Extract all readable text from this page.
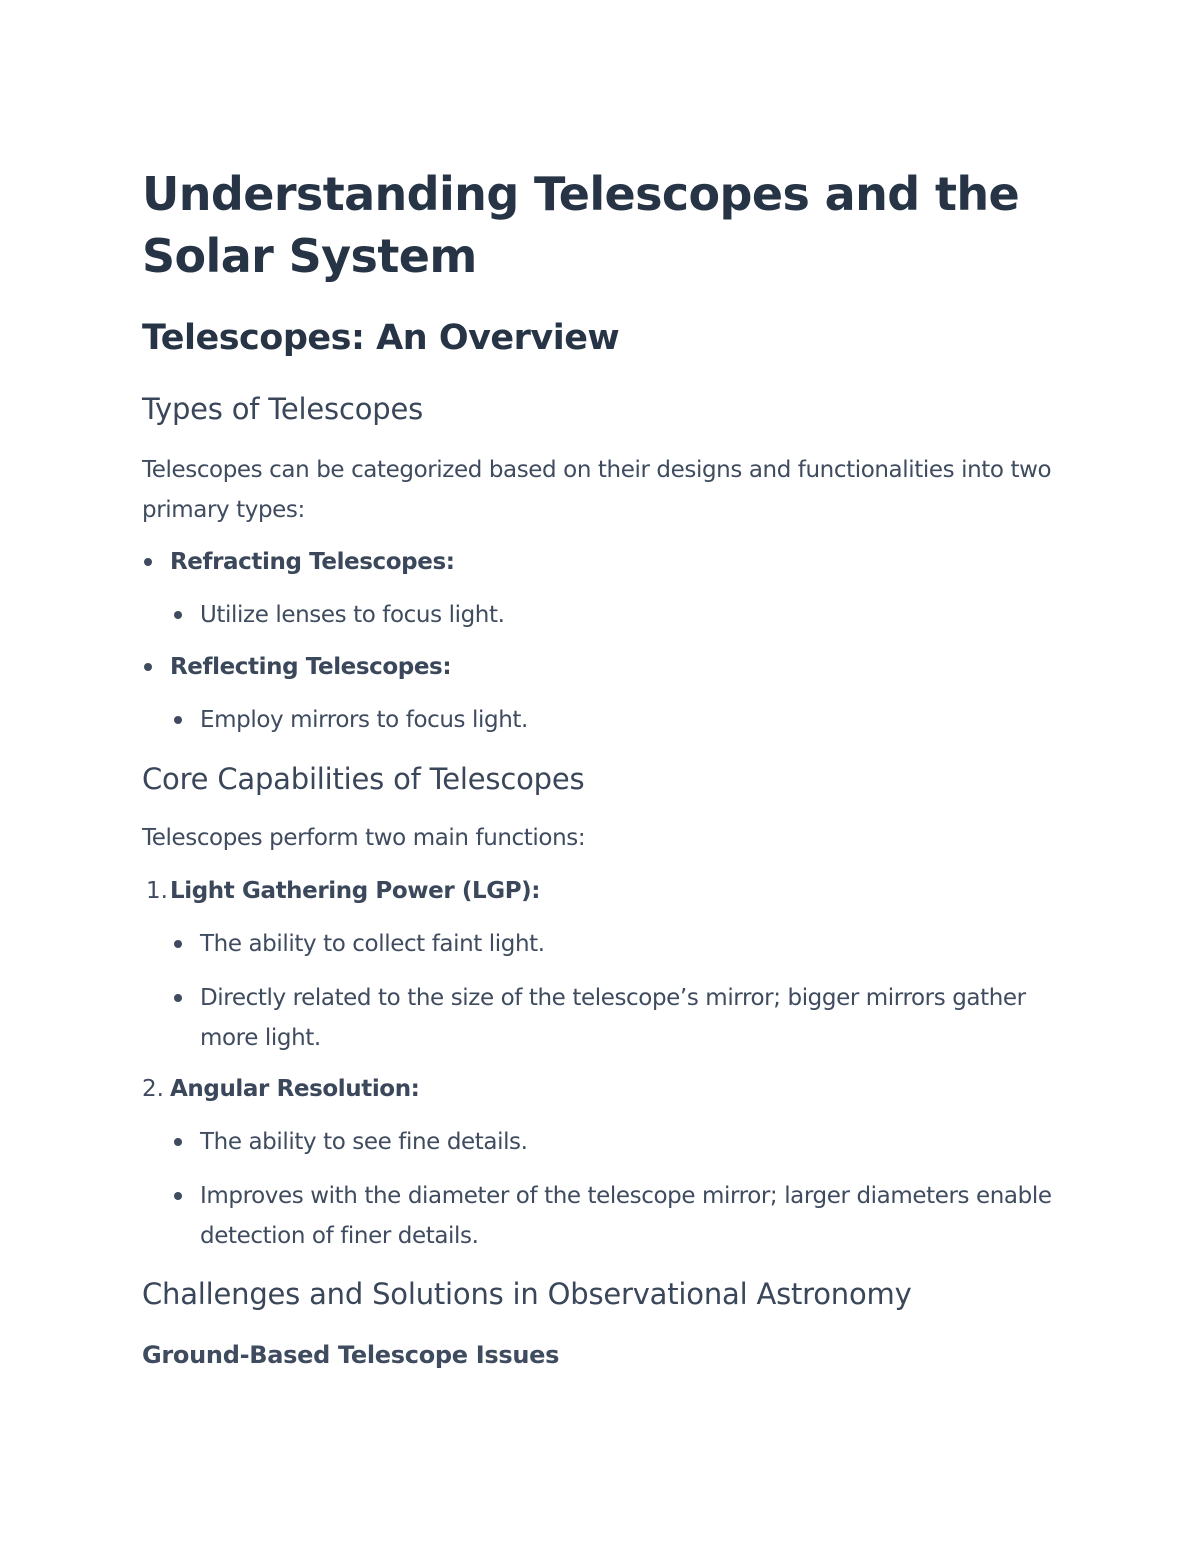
Understanding Telescopes and the Solar System
Telescopes: An Overview
Types of Telescopes

Telescopes can be categorized based on their designs and functionalities into two primary types:

Refracting Telescopes:

Utilize lenses to focus light.

Reflecting Telescopes:

Employ mirrors to focus light.

Core Capabilities of Telescopes

Telescopes perform two main functions:

1. Light Gathering Power (LGP):

The ability to collect faint light.

Directly related to the size of the telescope’s mirror; bigger mirrors gather more light.

2. Angular Resolution:

The ability to see fine details.

Improves with the diameter of the telescope mirror; larger diameters enable detection of finer details.

Challenges and Solutions in Observational Astronomy
Ground-Based Telescope Issues
